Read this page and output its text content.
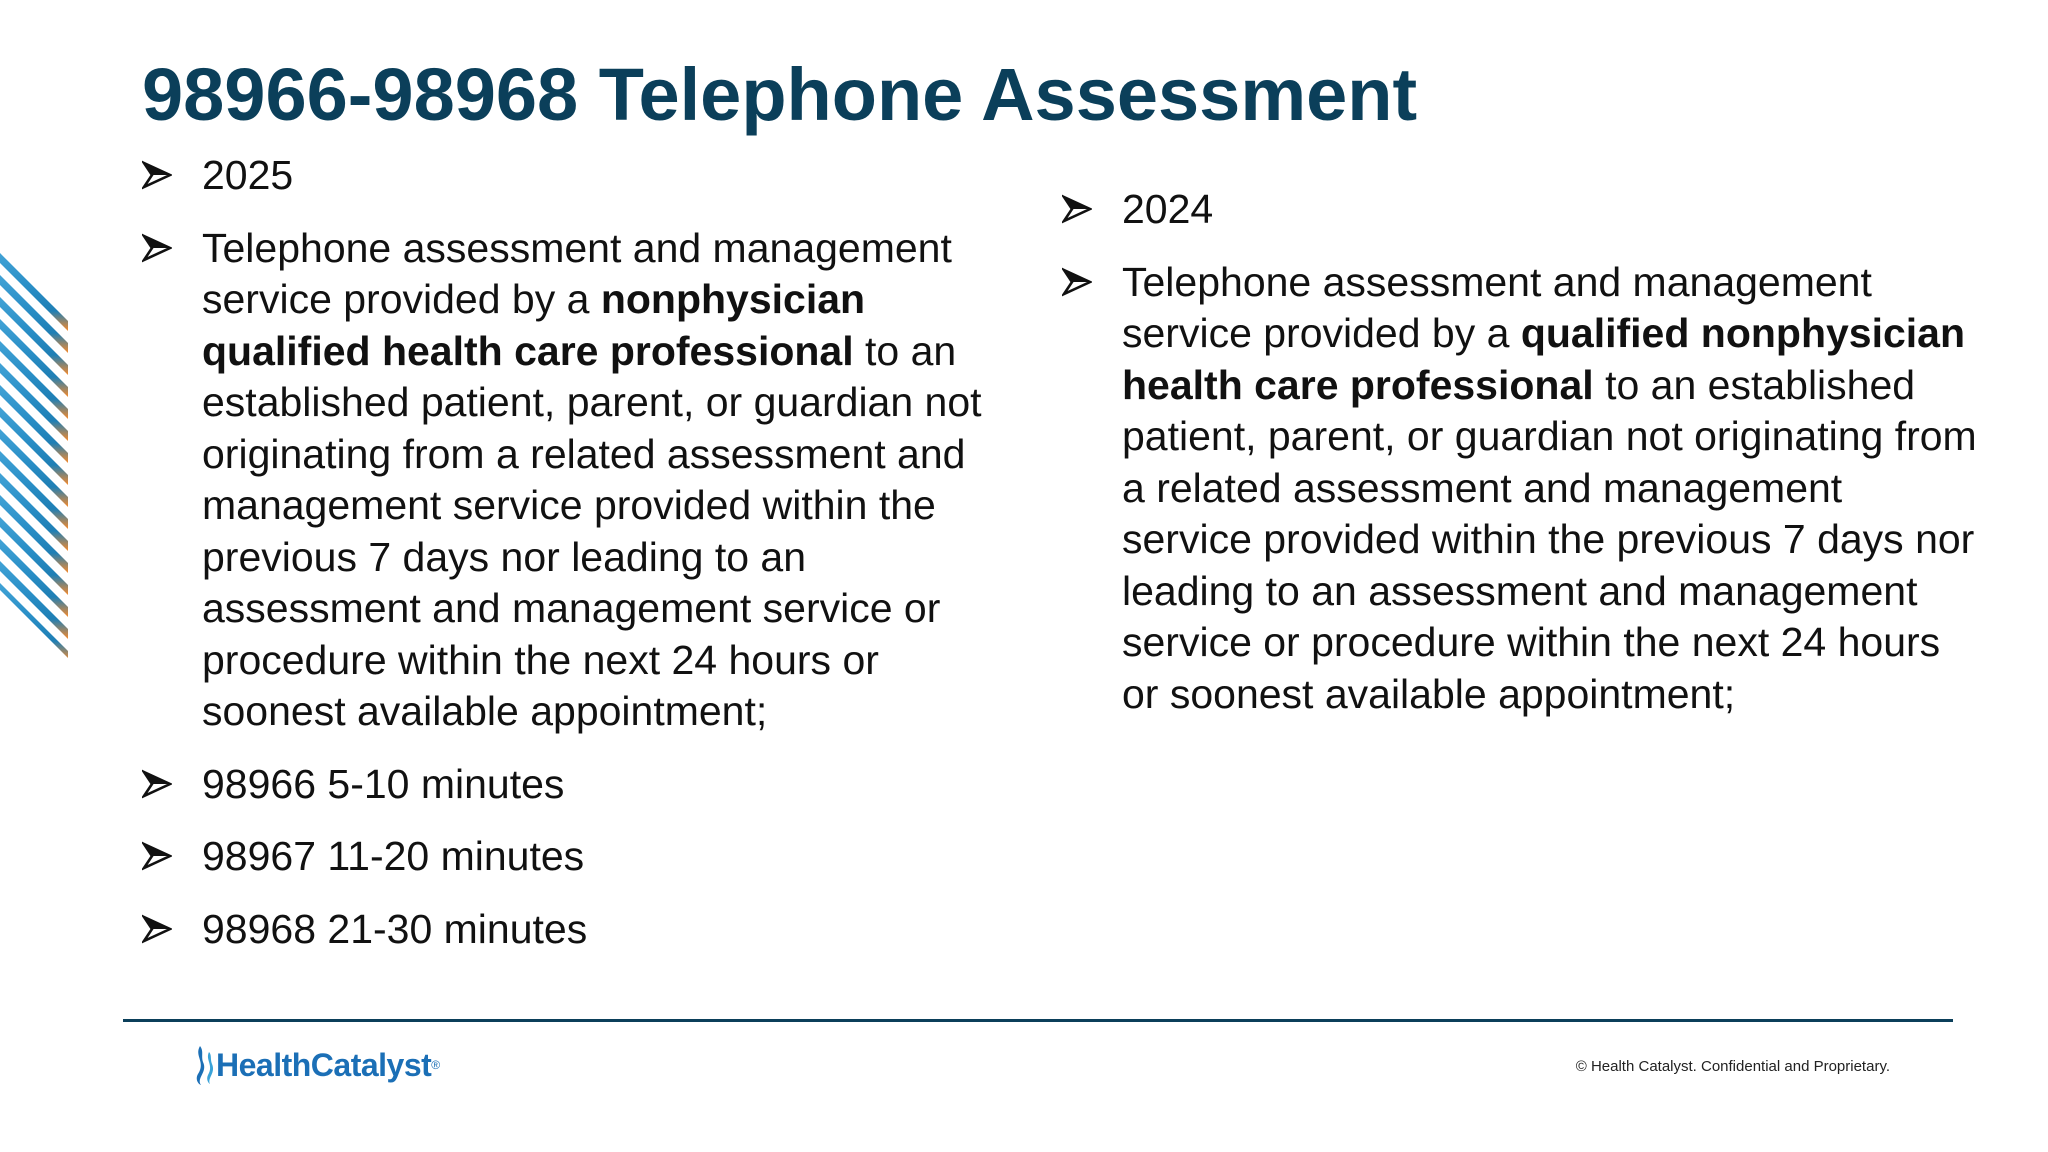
98966-98968 Telephone Assessment
2025
Telephone assessment and management service provided by a nonphysician qualified health care professional to an established patient, parent, or guardian not originating from a related assessment and management service provided within the previous 7 days nor leading to an assessment and management service or procedure within the next 24 hours or soonest available appointment;
98966 5-10 minutes
98967 11-20 minutes
98968 21-30 minutes
2024
Telephone assessment and management service provided by a qualified nonphysician health care professional to an established patient, parent, or guardian not originating from a related assessment and management service provided within the previous 7 days nor leading to an assessment and management service or procedure within the next 24 hours or soonest available appointment;
Health Catalyst ®	© Health Catalyst. Confidential and Proprietary.
